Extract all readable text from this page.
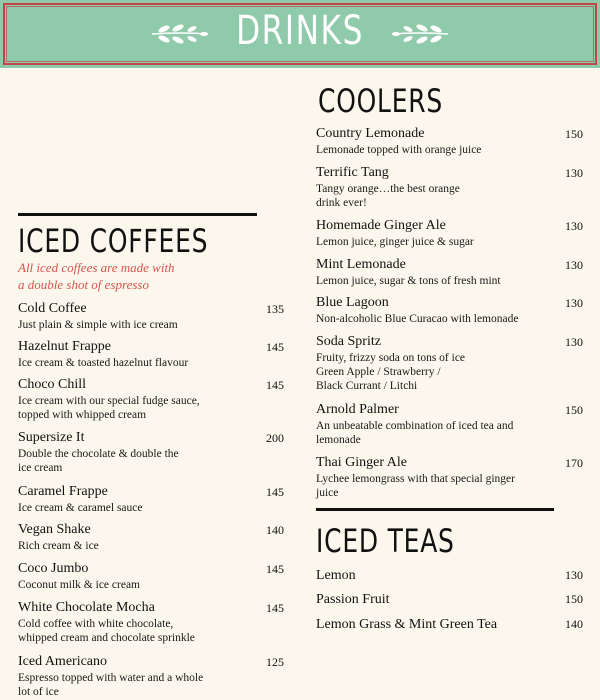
DRINKS
ICED COFFEES
All iced coffees are made with
a double shot of espresso
Cold Coffee
Just plain & simple with ice cream
135
Hazelnut Frappe
Ice cream & toasted hazelnut flavour
145
Choco Chill
Ice cream with our special fudge sauce,
topped with whipped cream
145
Supersize It
Double the chocolate & double the
ice cream
200
Caramel Frappe
Ice cream & caramel sauce
145
Vegan Shake
Rich cream & ice
140
Coco Jumbo
Coconut milk & ice cream
145
White Chocolate Mocha
Cold coffee with white chocolate,
whipped cream and chocolate sprinkle
145
Iced Americano
Espresso topped with water and a whole
lot of ice
125
COOLERS
Country Lemonade
Lemonade topped with orange juice
150
Terrific Tang
Tangy orange…the best orange
drink ever!
130
Homemade Ginger Ale
Lemon juice, ginger juice & sugar
130
Mint Lemonade
Lemon juice, sugar & tons of fresh mint
130
Blue Lagoon
Non-alcoholic Blue Curacao with lemonade
130
Soda Spritz
Fruity, frizzy soda on tons of ice
Green Apple / Strawberry /
Black Currant / Litchi
130
Arnold Palmer
An unbeatable combination of iced tea and
lemonade
150
Thai Ginger Ale
Lychee lemongrass with that special ginger
juice
170
ICED TEAS
Lemon	130
Passion Fruit	150
Lemon Grass & Mint Green Tea	140
